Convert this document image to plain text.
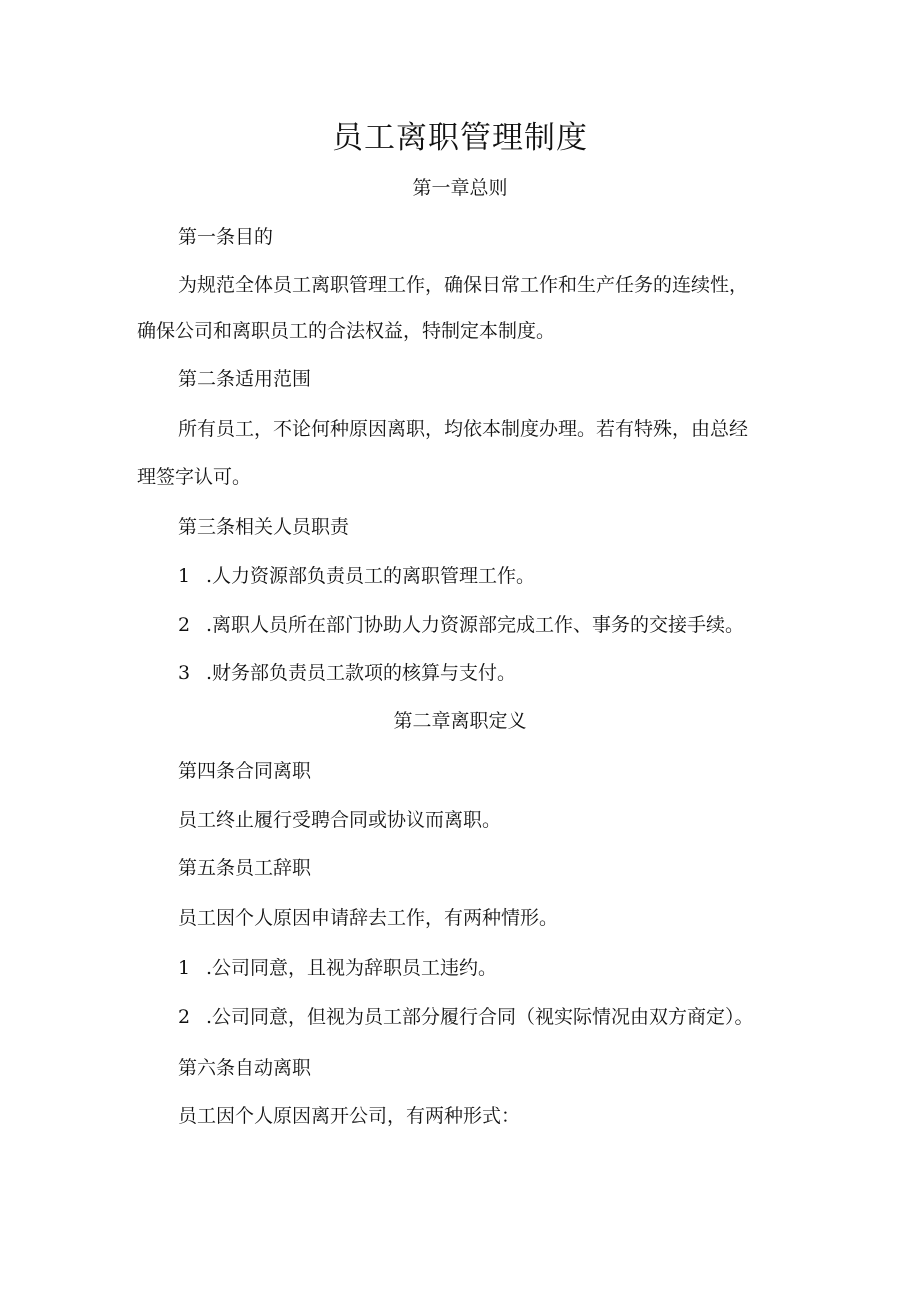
员工离职管理制度
第一章总则
第一条目的
为规范全体员工离职管理工作，确保日常工作和生产任务的连续性，
确保公司和离职员工的合法权益，特制定本制度。
第二条适用范围
所有员工，不论何种原因离职，均依本制度办理。若有特殊，由总经
理签字认可。
第三条相关人员职责
1 .人力资源部负责员工的离职管理工作。
2 .离职人员所在部门协助人力资源部完成工作、事务的交接手续。
3 .财务部负责员工款项的核算与支付。
第二章离职定义
第四条合同离职
员工终止履行受聘合同或协议而离职。
第五条员工辞职
员工因个人原因申请辞去工作，有两种情形。
1 .公司同意，且视为辞职员工违约。
2 .公司同意，但视为员工部分履行合同（视实际情况由双方商定）。
第六条自动离职
员工因个人原因离开公司，有两种形式：
